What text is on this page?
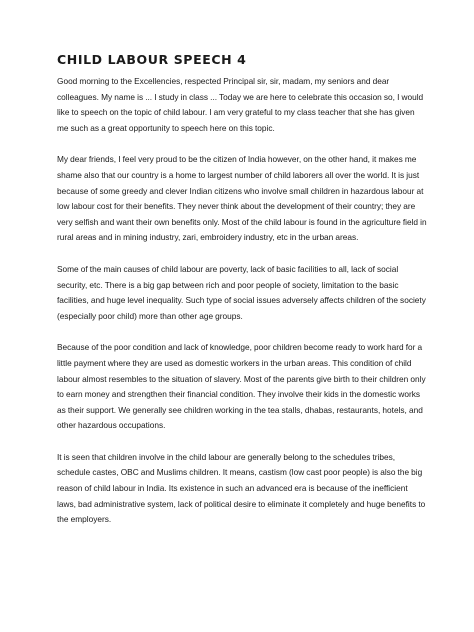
CHILD LABOUR SPEECH 4

Good morning to the Excellencies, respected Principal sir, sir, madam, my seniors and dear colleagues. My name is ... I study in class ... Today we are here to celebrate this occasion so, I would like to speech on the topic of child labour. I am very grateful to my class teacher that she has given me such as a great opportunity to speech here on this topic.

My dear friends, I feel very proud to be the citizen of India however, on the other hand, it makes me shame also that our country is a home to largest number of child laborers all over the world. It is just because of some greedy and clever Indian citizens who involve small children in hazardous labour at low labour cost for their benefits. They never think about the development of their country; they are very selfish and want their own benefits only. Most of the child labour is found in the agriculture field in rural areas and in mining industry, zari, embroidery industry, etc in the urban areas.

Some of the main causes of child labour are poverty, lack of basic facilities to all, lack of social security, etc. There is a big gap between rich and poor people of society, limitation to the basic facilities, and huge level inequality. Such type of social issues adversely affects children of the society (especially poor child) more than other age groups.

Because of the poor condition and lack of knowledge, poor children become ready to work hard for a little payment where they are used as domestic workers in the urban areas. This condition of child labour almost resembles to the situation of slavery. Most of the parents give birth to their children only to earn money and strengthen their financial condition. They involve their kids in the domestic works as their support. We generally see children working in the tea stalls, dhabas, restaurants, hotels, and other hazardous occupations.

It is seen that children involve in the child labour are generally belong to the schedules tribes, schedule castes, OBC and Muslims children. It means, castism (low cast poor people) is also the big reason of child labour in India. Its existence in such an advanced era is because of the inefficient laws, bad administrative system, lack of political desire to eliminate it completely and huge benefits to the employers.
